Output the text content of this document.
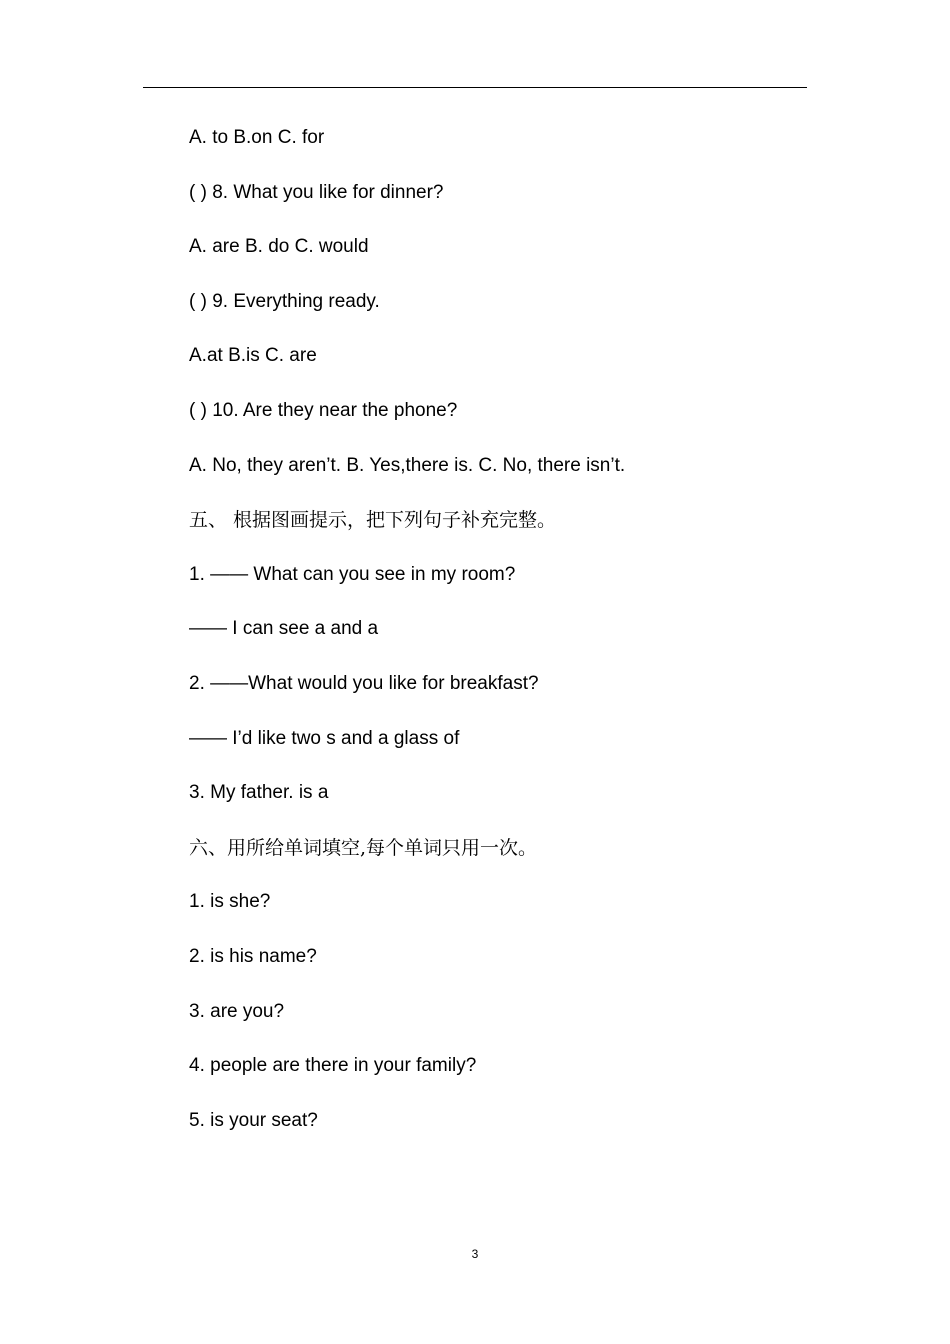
A. to B.on C. for
( ) 8. What you like for dinner?
A. are B. do C. would
( ) 9. Everything ready.
A.at B.is C. are
( ) 10. Are they near the phone?
A. No, they aren’t. B. Yes,there is. C. No, there isn’t.
五、 根据图画提示，把下列句子补充完整。
1. —— What can you see in my room?
—— I can see a and a
2. ——What would you like for breakfast?
—— I’d like two s and a glass of
3. My father. is a
六、用所给单词填空,每个单词只用一次。
1. is she?
2. is his name?
3. are you?
4. people are there in your family?
5. is your seat?
3
